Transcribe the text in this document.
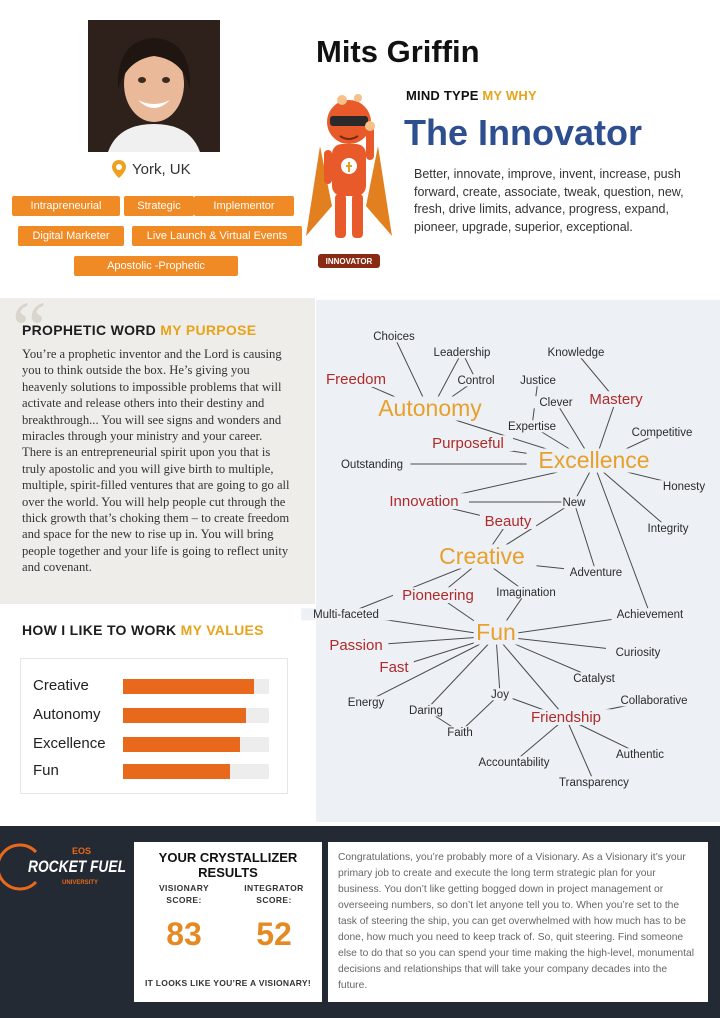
York, UK
Intrapreneurial	Strategic	Implementor
Digital Marketer	Live Launch & Virtual Events
Apostolic -Prophetic
Mits Griffin
INNOVATOR
MIND TYPE MY WHY
The Innovator
Better, innovate, improve, invent, increase, push forward, create, associate, tweak, question, new, fresh, drive limits, advance, progress, expand, pioneer, upgrade, superior, exceptional.
“
PROPHETIC WORD MY PURPOSE
You’re a prophetic inventor and the Lord is causing you to think outside the box. He’s giving you heavenly solutions to impossible problems that will activate and release others into their destiny and breakthrough... You will see signs and wonders and miracles through your ministry and your career. There is an entrepreneurial spirit upon you that is truly apostolic and you will give birth to multiple, multiple, spirit-filled ventures that are going to go all over the world. You will help people cut through the thick growth that’s choking them – to create freedom and space for the new to rise up in. You will bring people together and your life is going to reflect unity and covenant.
HOW I LIKE TO WORK MY VALUES
Creative
Autonomy
Excellence
Fun
Choices
Leadership	Knowledge
Freedom	Control Justice
Autonomy	Clever Mastery
Expertise
Purposeful
Competitive
Outstanding	Excellence
Honesty
Innovation	New
Beauty	Integrity
Creative
Adventure
Pioneering Imagination
Multi-faceted	Achievement
Fun
Passion	Curiosity
Fast
Catalyst
Energy
Joy	Collaborative
Daring	Friendship
Faith
Authentic
Accountability
Transparency
EOS
ROCKET FUEL
UNIVERSITY
YOUR CRYSTALLIZER RESULTS
VISIONARY SCORE:
INTEGRATOR SCORE:
83	52
IT LOOKS LIKE YOU’RE A VISIONARY!
Congratulations, you’re probably more of a Visionary. As a Visionary it’s your primary job to create and execute the long term strategic plan for your business. You don’t like getting bogged down in project management or overseeing numbers, so don’t let anyone tell you to. When you’re set to the task of steering the ship, you can get overwhelmed with how much has to be done, how much you need to keep track of. So, quit steering. Find someone else to do that so you can spend your time making the high-level, monumental decisions and relationships that will take your company decades into the future.
